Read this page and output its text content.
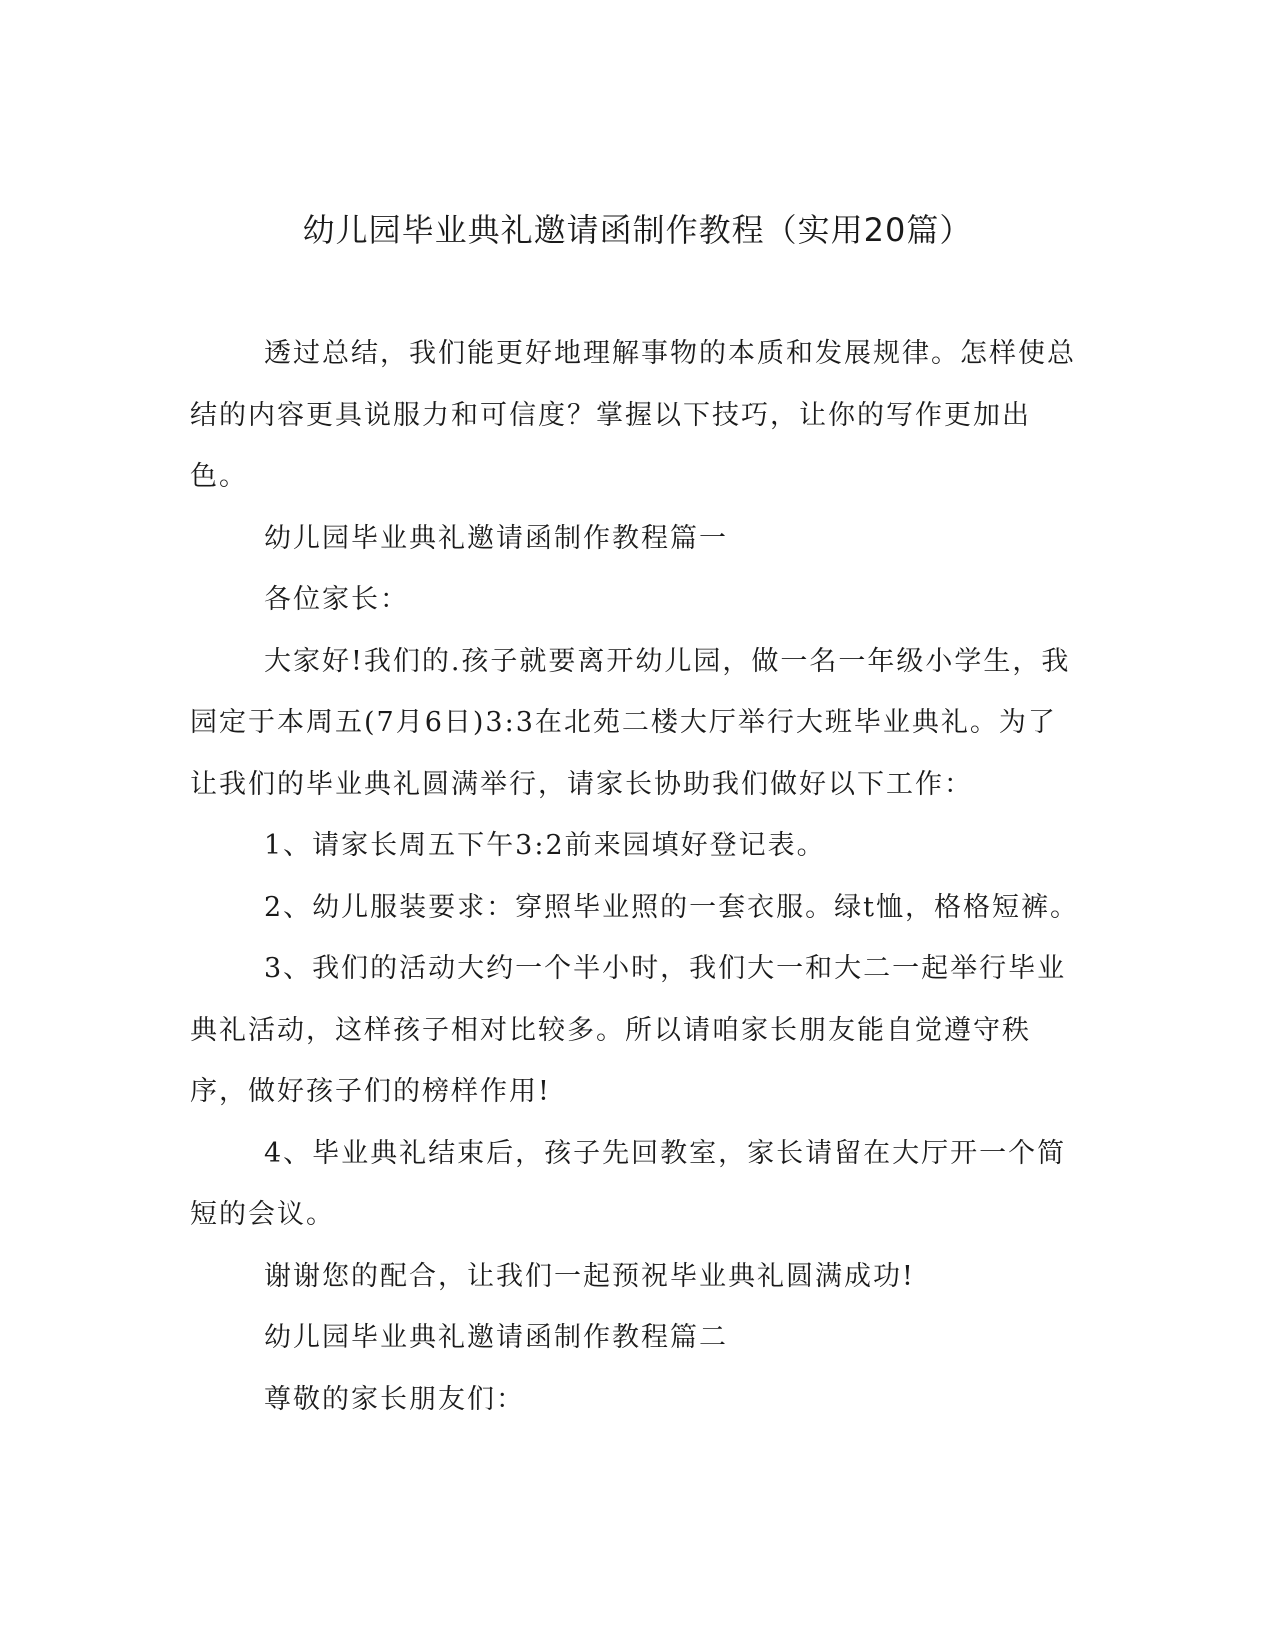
幼儿园毕业典礼邀请函制作教程（实用20篇）

透过总结，我们能更好地理解事物的本质和发展规律。怎样使总结的内容更具说服力和可信度？掌握以下技巧，让你的写作更加出色。

幼儿园毕业典礼邀请函制作教程篇一

各位家长：

大家好!我们的.孩子就要离开幼儿园，做一名一年级小学生，我园定于本周五(7月6日)3:3在北苑二楼大厅举行大班毕业典礼。为了让我们的毕业典礼圆满举行，请家长协助我们做好以下工作：

1、请家长周五下午3:2前来园填好登记表。

2、幼儿服装要求：穿照毕业照的一套衣服。绿t恤，格格短裤。

3、我们的活动大约一个半小时，我们大一和大二一起举行毕业典礼活动，这样孩子相对比较多。所以请咱家长朋友能自觉遵守秩序，做好孩子们的榜样作用!

4、毕业典礼结束后，孩子先回教室，家长请留在大厅开一个简短的会议。

谢谢您的配合，让我们一起预祝毕业典礼圆满成功!

幼儿园毕业典礼邀请函制作教程篇二

尊敬的家长朋友们：
